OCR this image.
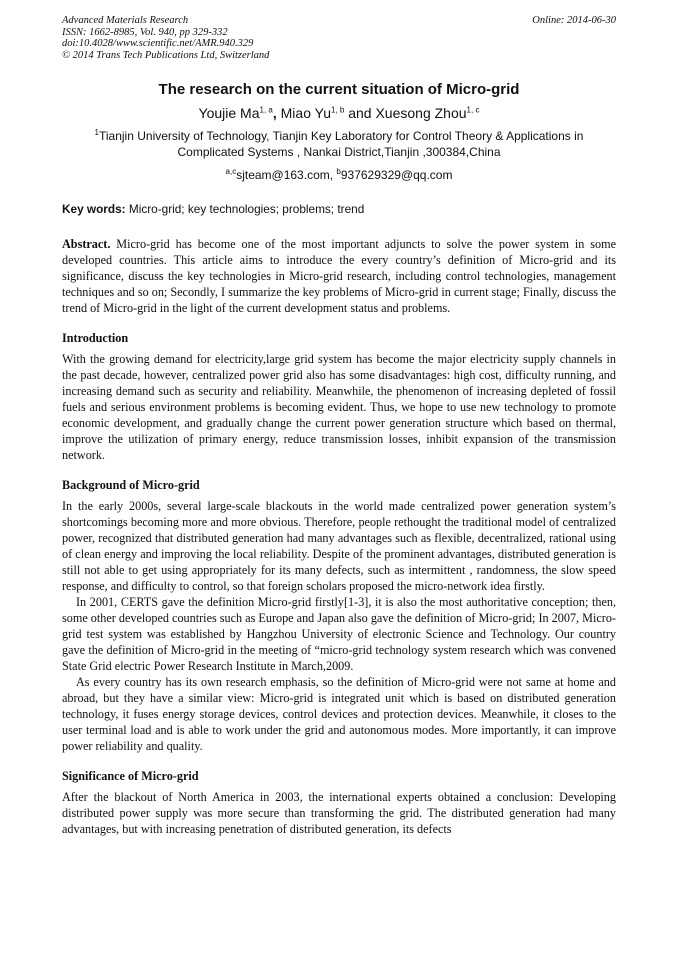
Advanced Materials Research
ISSN: 1662-8985, Vol. 940, pp 329-332
doi:10.4028/www.scientific.net/AMR.940.329
© 2014 Trans Tech Publications Ltd, Switzerland
Online: 2014-06-30
The research on the current situation of Micro-grid
Youjie Ma$^{1, a}$, Miao Yu$^{1, b}$ and Xuesong Zhou$^{1, c}$
$^1$Tianjin University of Technology, Tianjin Key Laboratory for Control Theory & Applications in Complicated Systems , Nankai District,Tianjin ,300384,China
$^{a,c}$sjteam@163.com, $^b$937629329@qq.com
Key words: Micro-grid; key technologies; problems; trend

Abstract. Micro-grid has become one of the most important adjuncts to solve the power system in some developed countries. This article aims to introduce the every country’s definition of Micro-grid and its significance, discuss the key technologies in Micro-grid research, including control technologies, management techniques and so on; Secondly, I summarize the key problems of Micro-grid in current stage; Finally, discuss the trend of Micro-grid in the light of the current development status and problems.

Introduction

With the growing demand for electricity,large grid system has become the major electricity supply channels in the past decade, however, centralized power grid also has some disadvantages: high cost, difficulty running, and increasing demand such as security and reliability. Meanwhile, the phenomenon of increasing depleted of fossil fuels and serious environment problems is becoming evident. Thus, we hope to use new technology to promote economic development, and gradually change the current power generation structure which based on thermal, improve the utilization of primary energy, reduce transmission losses, inhibit expansion of the transmission network.

Background of Micro-grid

In the early 2000s, several large-scale blackouts in the world made centralized power generation system’s shortcomings becoming more and more obvious. Therefore, people rethought the traditional model of centralized power, recognized that distributed generation had many advantages such as flexible, decentralized, rational using of clean energy and improving the local reliability. Despite of the prominent advantages, distributed generation is still not able to get using appropriately for its many defects, such as intermittent , randomness, the slow speed response, and difficulty to control, so that foreign scholars proposed the micro-network idea firstly.

In 2001, CERTS gave the definition Micro-grid firstly[1-3], it is also the most authoritative conception; then, some other developed countries such as Europe and Japan also gave the definition of Micro-grid; In 2007, Micro-grid test system was established by Hangzhou University of electronic Science and Technology. Our country gave the definition of Micro-grid in the meeting of “micro-grid technology system research which was convened State Grid electric Power Research Institute in March,2009.

As every country has its own research emphasis, so the definition of Micro-grid were not same at home and abroad, but they have a similar view: Micro-grid is integrated unit which is based on distributed generation technology, it fuses energy storage devices, control devices and protection devices. Meanwhile, it closes to the user terminal load and is able to work under the grid and autonomous modes. More importantly, it can improve power reliability and quality.

Significance of Micro-grid

After the blackout of North America in 2003, the international experts obtained a conclusion: Developing distributed power supply was more secure than transforming the grid. The distributed generation had many advantages, but with increasing penetration of distributed generation, its defects
